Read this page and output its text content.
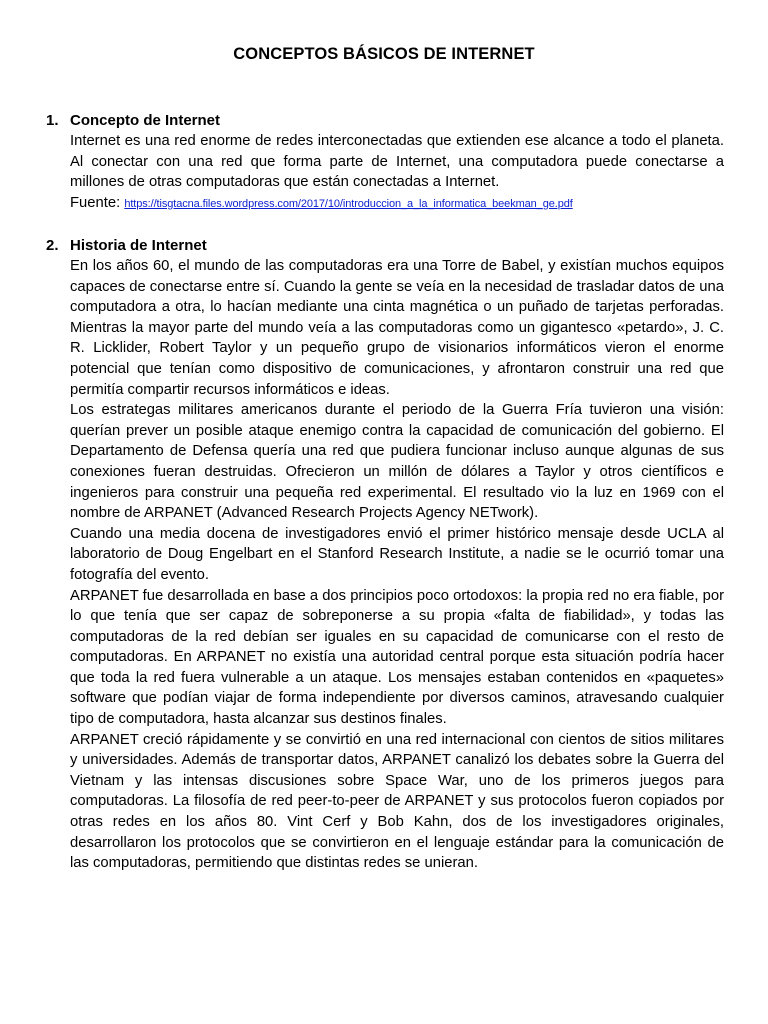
CONCEPTOS BÁSICOS DE INTERNET
1. Concepto de Internet

Internet es una red enorme de redes interconectadas que extienden ese alcance a todo el planeta. Al conectar con una red que forma parte de Internet, una computadora puede conectarse a millones de otras computadoras que están conectadas a Internet.

Fuente: https://tisgtacna.files.wordpress.com/2017/10/introduccion_a_la_informatica_beekman_ge.pdf
2. Historia de Internet

En los años 60, el mundo de las computadoras era una Torre de Babel, y existían muchos equipos capaces de conectarse entre sí. Cuando la gente se veía en la necesidad de trasladar datos de una computadora a otra, lo hacían mediante una cinta magnética o un puñado de tarjetas perforadas. Mientras la mayor parte del mundo veía a las computadoras como un gigantesco «petardo», J. C. R. Licklider, Robert Taylor y un pequeño grupo de visionarios informáticos vieron el enorme potencial que tenían como dispositivo de comunicaciones, y afrontaron construir una red que permitía compartir recursos informáticos e ideas.

Los estrategas militares americanos durante el periodo de la Guerra Fría tuvieron una visión: querían prever un posible ataque enemigo contra la capacidad de comunicación del gobierno. El Departamento de Defensa quería una red que pudiera funcionar incluso aunque algunas de sus conexiones fueran destruidas. Ofrecieron un millón de dólares a Taylor y otros científicos e ingenieros para construir una pequeña red experimental. El resultado vio la luz en 1969 con el nombre de ARPANET (Advanced Research Projects Agency NETwork).

Cuando una media docena de investigadores envió el primer histórico mensaje desde UCLA al laboratorio de Doug Engelbart en el Stanford Research Institute, a nadie se le ocurrió tomar una fotografía del evento.

ARPANET fue desarrollada en base a dos principios poco ortodoxos: la propia red no era fiable, por lo que tenía que ser capaz de sobreponerse a su propia «falta de fiabilidad», y todas las computadoras de la red debían ser iguales en su capacidad de comunicarse con el resto de computadoras. En ARPANET no existía una autoridad central porque esta situación podría hacer que toda la red fuera vulnerable a un ataque. Los mensajes estaban contenidos en «paquetes» software que podían viajar de forma independiente por diversos caminos, atravesando cualquier tipo de computadora, hasta alcanzar sus destinos finales.

ARPANET creció rápidamente y se convirtió en una red internacional con cientos de sitios militares y universidades. Además de transportar datos, ARPANET canalizó los debates sobre la Guerra del Vietnam y las intensas discusiones sobre Space War, uno de los primeros juegos para computadoras. La filosofía de red peer-to-peer de ARPANET y sus protocolos fueron copiados por otras redes en los años 80. Vint Cerf y Bob Kahn, dos de los investigadores originales, desarrollaron los protocolos que se convirtieron en el lenguaje estándar para la comunicación de las computadoras, permitiendo que distintas redes se unieran.
